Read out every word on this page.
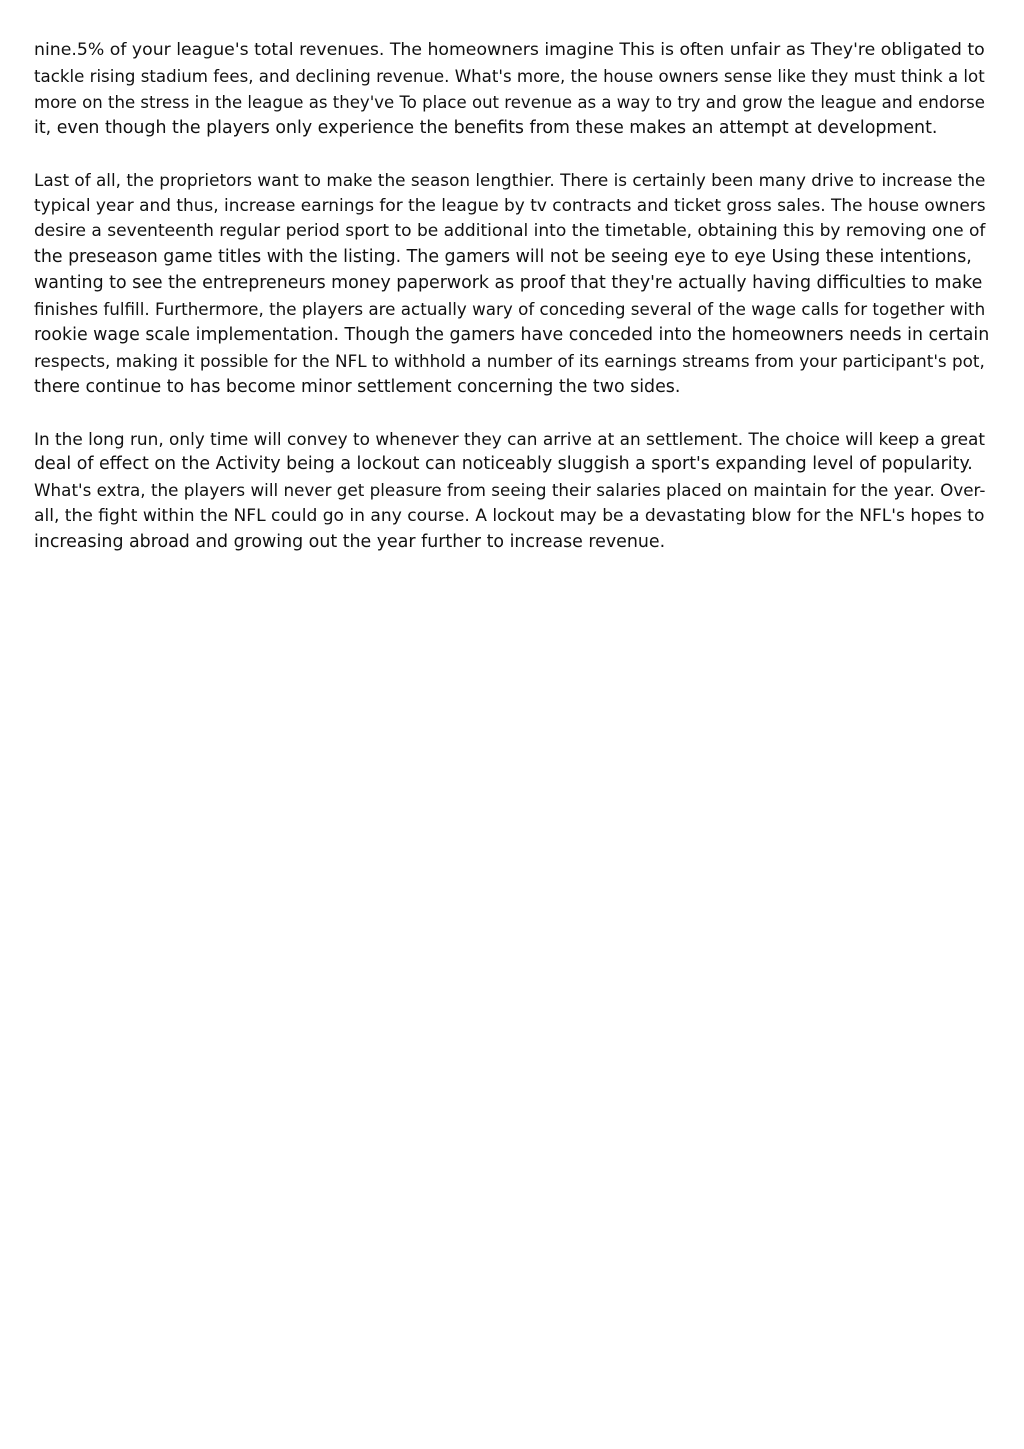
nine.5% of your league's total revenues. The homeowners imagine This is often unfair as They're obligated to
tackle rising stadium fees, and declining revenue. What's more, the house owners sense like they must think a lot
more on the stress in the league as they've To place out revenue as a way to try and grow the league and endorse
it, even though the players only experience the benefits from these makes an attempt at development.

Last of all, the proprietors want to make the season lengthier. There is certainly been many drive to increase the
typical year and thus, increase earnings for the league by tv contracts and ticket gross sales. The house owners
desire a seventeenth regular period sport to be additional into the timetable, obtaining this by removing one of
the preseason game titles with the listing. The gamers will not be seeing eye to eye Using these intentions,
wanting to see the entrepreneurs money paperwork as proof that they're actually having difficulties to make
finishes fulfill. Furthermore, the players are actually wary of conceding several of the wage calls for together with
rookie wage scale implementation. Though the gamers have conceded into the homeowners needs in certain
respects, making it possible for the NFL to withhold a number of its earnings streams from your participant's pot,
there continue to has become minor settlement concerning the two sides.

In the long run, only time will convey to whenever they can arrive at an settlement. The choice will keep a great
deal of effect on the Activity being a lockout can noticeably sluggish a sport's expanding level of popularity.
What's extra, the players will never get pleasure from seeing their salaries placed on maintain for the year. Over-
all, the fight within the NFL could go in any course. A lockout may be a devastating blow for the NFL's hopes to
increasing abroad and growing out the year further to increase revenue.
